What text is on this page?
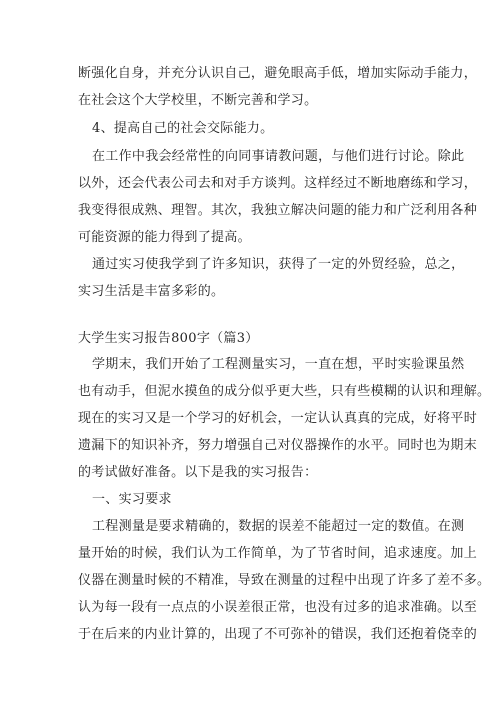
断强化自身，并充分认识自己，避免眼高手低，增加实际动手能力，
在社会这个大学校里，不断完善和学习。
4、提高自己的社会交际能力。
在工作中我会经常性的向同事请教问题，与他们进行讨论。除此
以外，还会代表公司去和对手方谈判。这样经过不断地磨练和学习，
我变得很成熟、理智。其次，我独立解决问题的能力和广泛利用各种
可能资源的能力得到了提高。
通过实习使我学到了许多知识，获得了一定的外贸经验，总之，
实习生活是丰富多彩的。
大学生实习报告800字（篇3）
学期末，我们开始了工程测量实习，一直在想，平时实验课虽然
也有动手，但泥水摸鱼的成分似乎更大些，只有些模糊的认识和理解。
现在的实习又是一个学习的好机会，一定认认真真的完成，好将平时
遗漏下的知识补齐，努力增强自己对仪器操作的水平。同时也为期末
的考试做好准备。以下是我的实习报告：
一、实习要求
工程测量是要求精确的，数据的误差不能超过一定的数值。在测
量开始的时候，我们认为工作简单，为了节省时间，追求速度。加上
仪器在测量时候的不精准，导致在测量的过程中出现了许多了差不多。
认为每一段有一点点的小误差很正常，也没有过多的追求准确。以至
于在后来的内业计算的，出现了不可弥补的错误，我们还抱着侥幸的
